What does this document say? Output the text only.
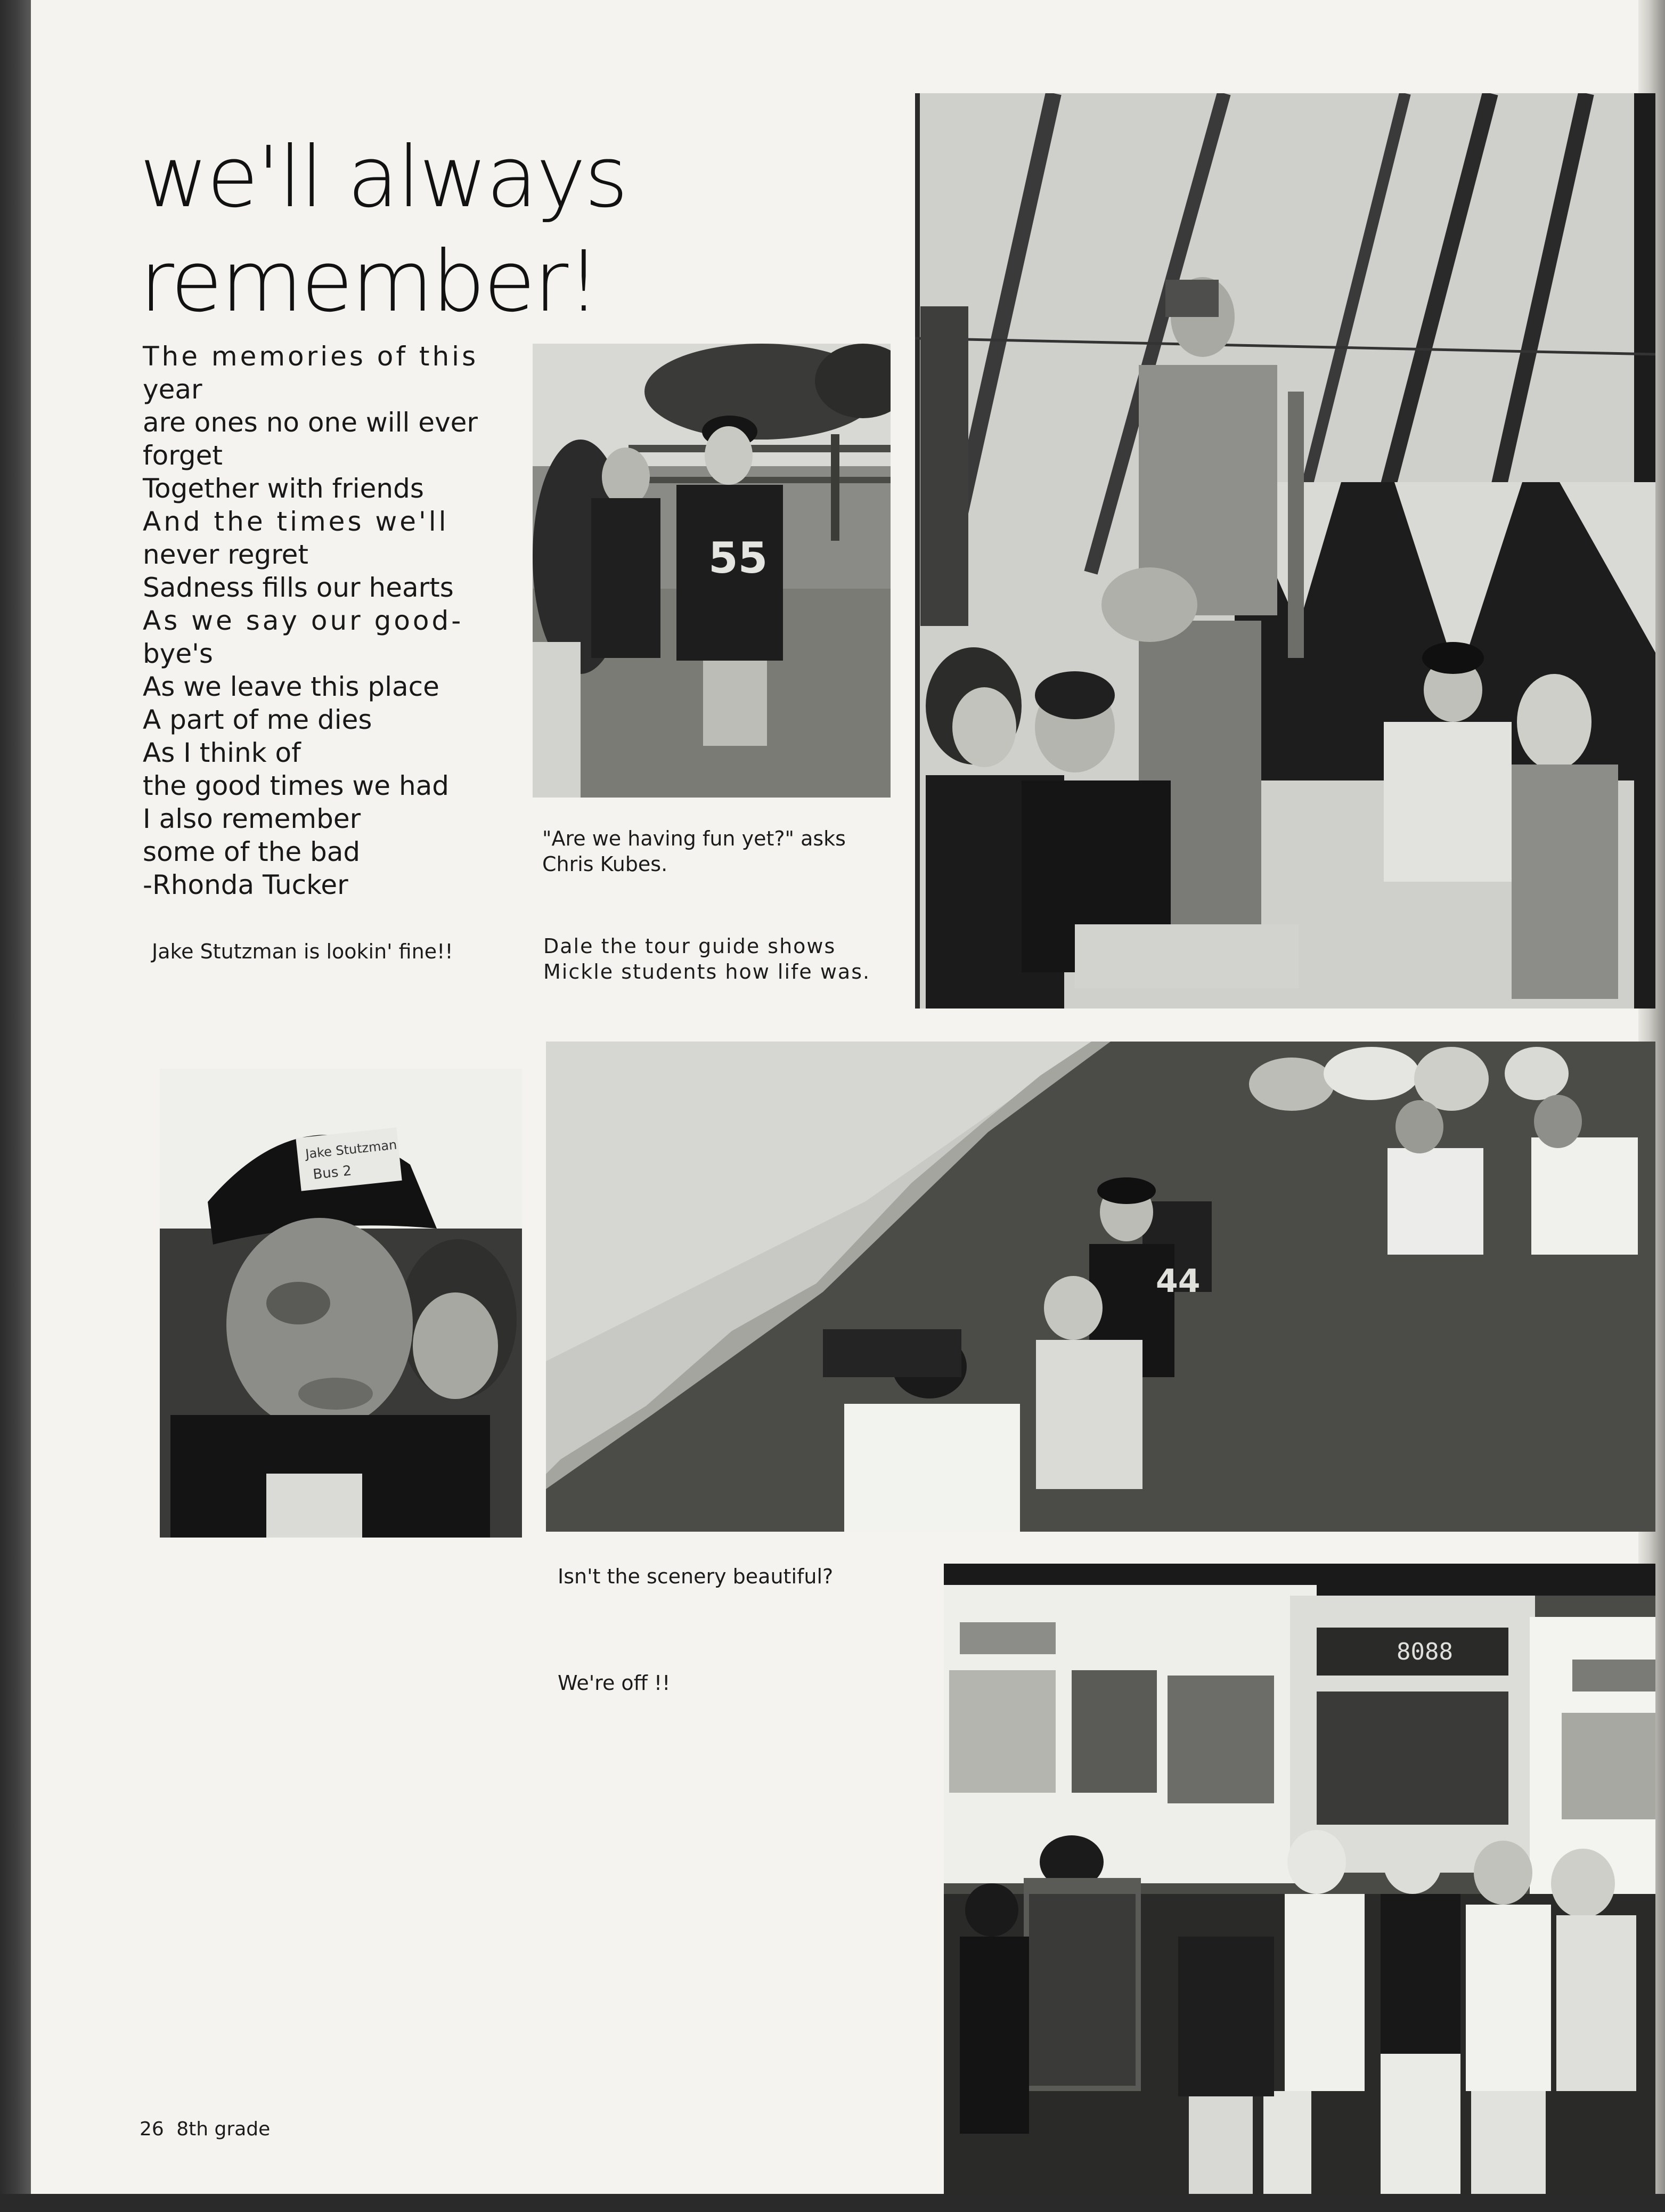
we'll always
remember!
The memories of this
year
are ones no one will ever
forget
Together with friends
And the times we'll
never regret
Sadness fills our hearts
As we say our good-
bye's
As we leave this place
A part of me dies
As I think of
the good times we had
I also remember
some of the bad
-Rhonda Tucker
55
"Are we having fun yet?" asks
Chris Kubes.
Jake Stutzman is lookin' fine!!	Dale the tour guide shows
Mickle students how life was.
Jake Stutzman
Bus 2
44
Isn't the scenery beautiful?
We're off !!
8088
26 8th grade
